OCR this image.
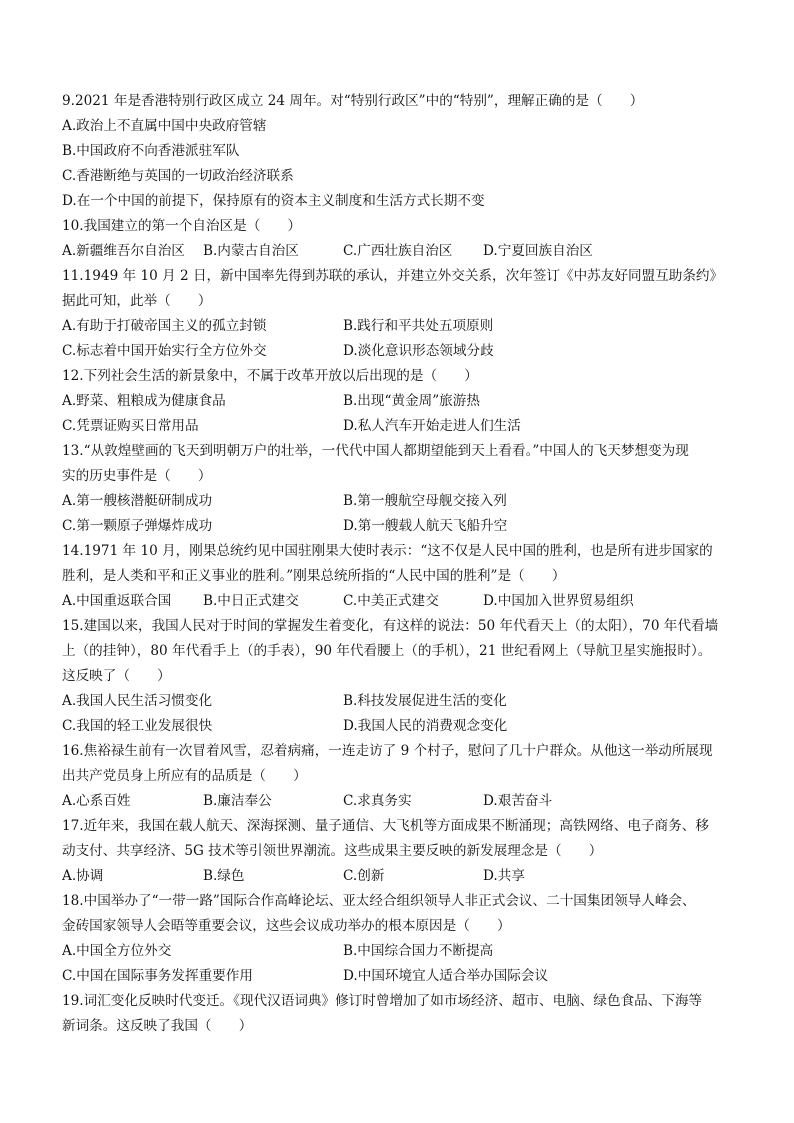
9.2021 年是香港特别行政区成立 24 周年。对“特别行政区”中的“特别”，理解正确的是（　　）
A.政治上不直属中国中央政府管辖
B.中国政府不向香港派驻军队
C.香港断绝与英国的一切政治经济联系
D.在一个中国的前提下，保持原有的资本主义制度和生活方式长期不变
10.我国建立的第一个自治区是（　　）
A.新疆维吾尔自治区	B.内蒙古自治区	C.广西壮族自治区	D.宁夏回族自治区
11.1949 年 10 月 2 日，新中国率先得到苏联的承认，并建立外交关系，次年签订《中苏友好同盟互助条约》
据此可知，此举（　　）
A.有助于打破帝国主义的孤立封锁	B.践行和平共处五项原则
C.标志着中国开始实行全方位外交	D.淡化意识形态领域分歧
12.下列社会生活的新景象中，不属于改革开放以后出现的是（　　）
A.野菜、粗粮成为健康食品	B.出现“黄金周”旅游热
C.凭票证购买日常用品	D.私人汽车开始走进人们生活
13.“从敦煌壁画的飞天到明朝万户的壮举，一代代中国人都期望能到天上看看。”中国人的飞天梦想变为现
实的历史事件是（　　）
A.第一艘核潜艇研制成功	B.第一艘航空母舰交接入列
C.第一颗原子弹爆炸成功	D.第一艘载人航天飞船升空
14.1971 年 10 月，刚果总统约见中国驻刚果大使时表示：“这不仅是人民中国的胜利，也是所有进步国家的
胜利，是人类和平和正义事业的胜利。”刚果总统所指的“人民中国的胜利”是（　　）
A.中国重返联合国	B.中日正式建交	C.中美正式建交	D.中国加入世界贸易组织
15.建国以来，我国人民对于时间的掌握发生着变化，有这样的说法：50 年代看天上（的太阳），70 年代看墙
上（的挂钟），80 年代看手上（的手表），90 年代看腰上（的手机），21 世纪看网上（导航卫星实施报时）。
这反映了（　　）
A.我国人民生活习惯变化	B.科技发展促进生活的变化
C.我国的轻工业发展很快	D.我国人民的消费观念变化
16.焦裕禄生前有一次冒着风雪，忍着病痛，一连走访了 9 个村子，慰问了几十户群众。从他这一举动所展现
出共产党员身上所应有的品质是（　　）
A.心系百姓	B.廉洁奉公	C.求真务实	D.艰苦奋斗
17.近年来，我国在载人航天、深海探测、量子通信、大飞机等方面成果不断涌现；高铁网络、电子商务、移
动支付、共享经济、5G 技术等引领世界潮流。这些成果主要反映的新发展理念是（　　）
A.协调	B.绿色	C.创新	D.共享
18.中国举办了“一带一路”国际合作高峰论坛、亚太经合组织领导人非正式会议、二十国集团领导人峰会、
金砖国家领导人会晤等重要会议，这些会议成功举办的根本原因是（　　）
A.中国全方位外交	B.中国综合国力不断提高
C.中国在国际事务发挥重要作用	D.中国环境宜人适合举办国际会议
19.词汇变化反映时代变迁。《现代汉语词典》修订时曾增加了如市场经济、超市、电脑、绿色食品、下海等
新词条。这反映了我国（　　）
